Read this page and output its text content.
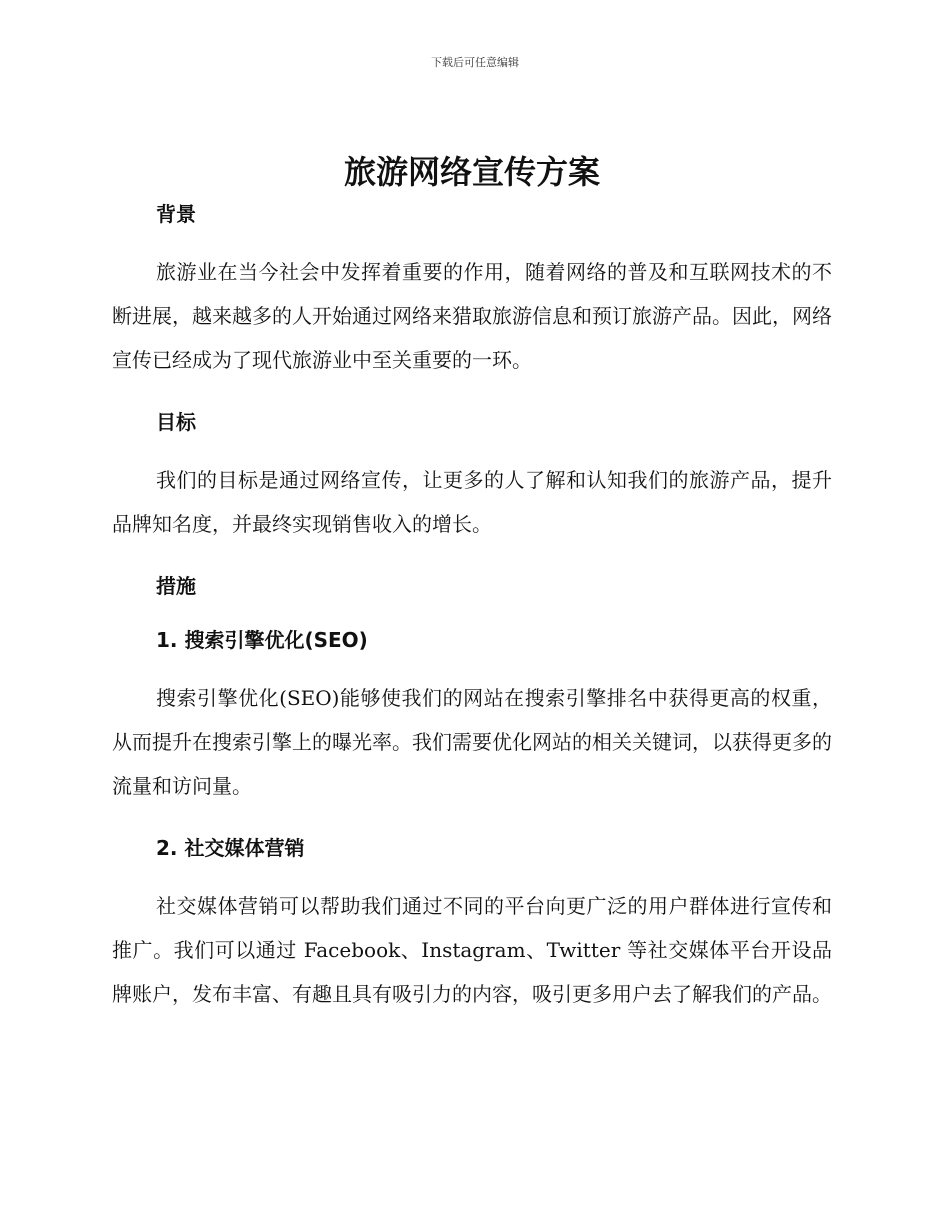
下载后可任意编辑
旅游网络宣传方案
背景

旅游业在当今社会中发挥着重要的作用，随着网络的普及和互联网技术的不断进展，越来越多的人开始通过网络来猎取旅游信息和预订旅游产品。因此，网络宣传已经成为了现代旅游业中至关重要的一环。

目标

我们的目标是通过网络宣传，让更多的人了解和认知我们的旅游产品，提升品牌知名度，并最终实现销售收入的增长。

措施
1. 搜索引擎优化(SEO)

搜索引擎优化(SEO)能够使我们的网站在搜索引擎排名中获得更高的权重，从而提升在搜索引擎上的曝光率。我们需要优化网站的相关关键词，以获得更多的流量和访问量。

2. 社交媒体营销

社交媒体营销可以帮助我们通过不同的平台向更广泛的用户群体进行宣传和推广。我们可以通过 Facebook、Instagram、Twitter 等社交媒体平台开设品牌账户，发布丰富、有趣且具有吸引力的内容，吸引更多用户去了解我们的产品。
